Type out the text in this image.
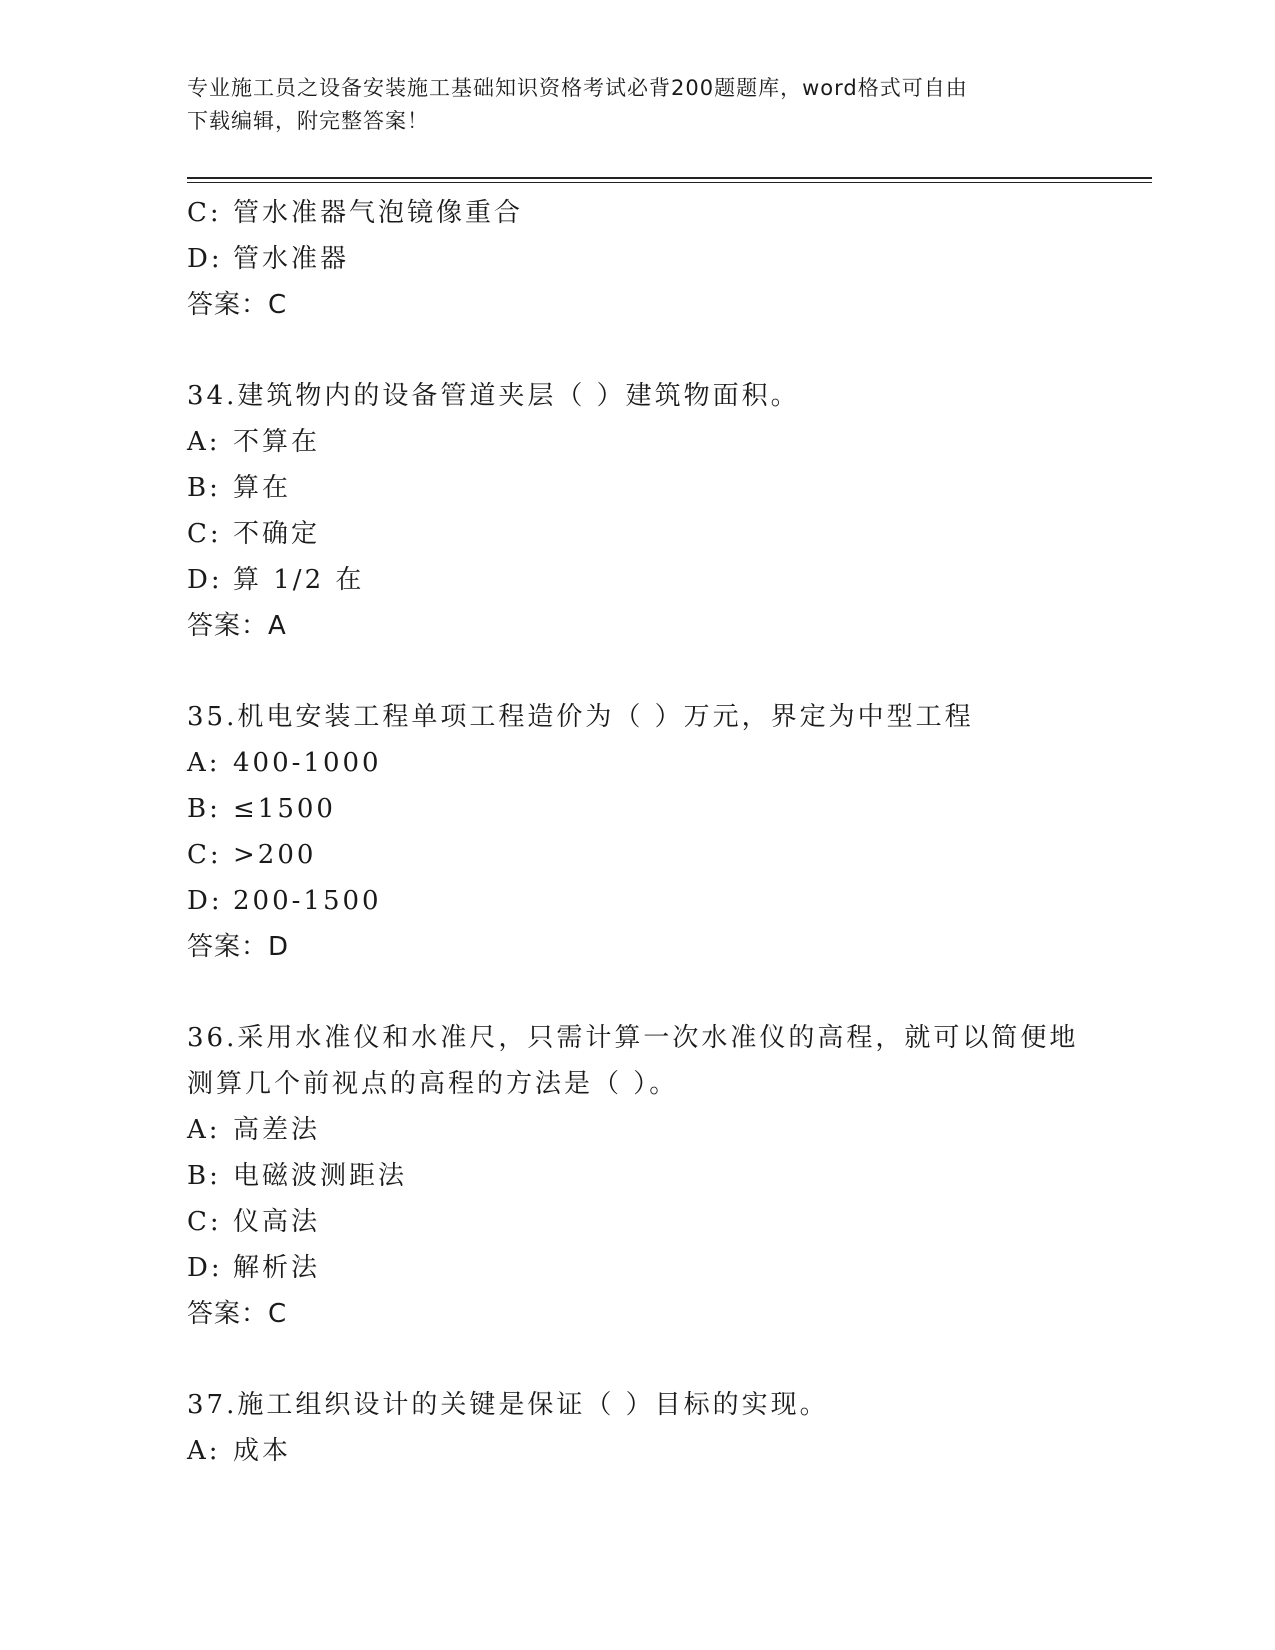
专业施工员之设备安装施工基础知识资格考试必背200题题库，word格式可自由
下载编辑，附完整答案！
C: 管水准器气泡镜像重合
D: 管水准器
答案：C
34.建筑物内的设备管道夹层（ ）建筑物面积。
A: 不算在
B: 算在
C: 不确定
D: 算 1/2 在
答案：A
35.机电安装工程单项工程造价为（ ）万元，界定为中型工程
A: 400-1000
B: ≤1500
C: >200
D: 200-1500
答案：D
36.采用水准仪和水准尺，只需计算一次水准仪的高程，就可以简便地
测算几个前视点的高程的方法是（ ）。
A: 高差法
B: 电磁波测距法
C: 仪高法
D: 解析法
答案：C
37.施工组织设计的关键是保证（ ）目标的实现。
A: 成本
